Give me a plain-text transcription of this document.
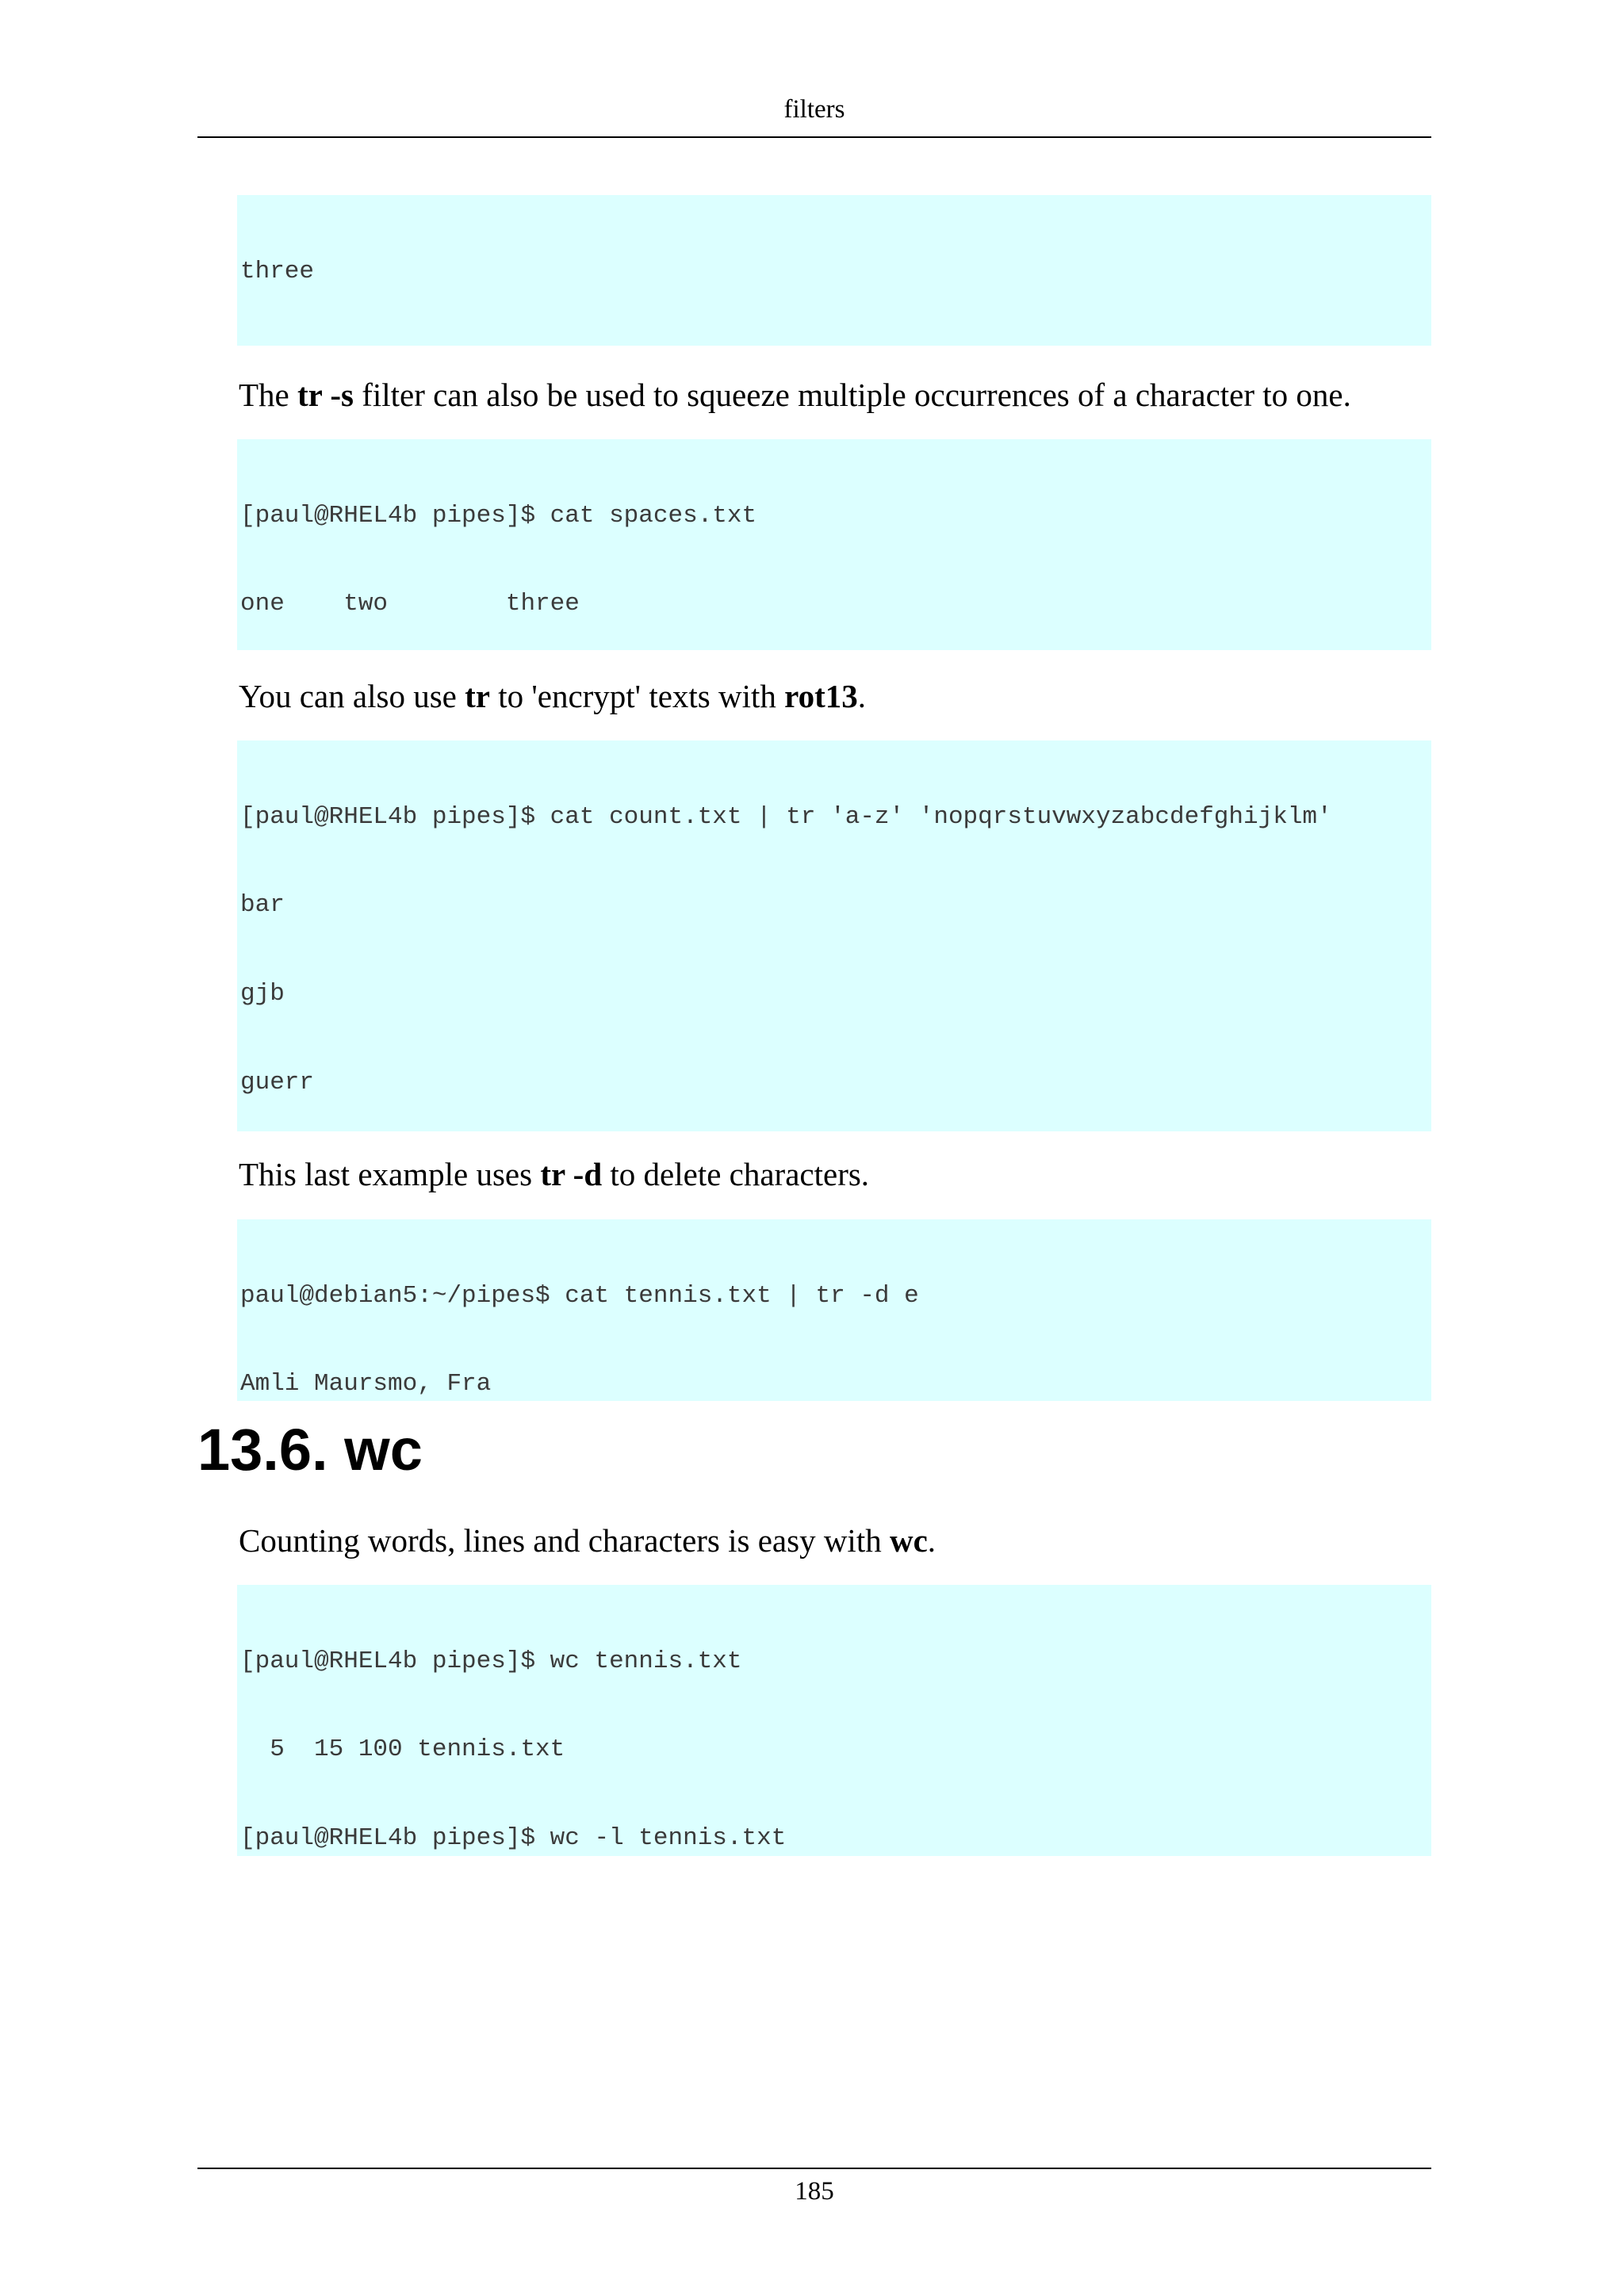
filters

three

The tr -s filter can also be used to squeeze multiple occurrences of a character to one.

[paul@RHEL4b pipes]$ cat spaces.txt

one    two        three

You can also use tr to 'encrypt' texts with rot13.

[paul@RHEL4b pipes]$ cat count.txt | tr 'a-z' 'nopqrstuvwxyzabcdefghijklm'

bar

gjb

guerr

This last example uses tr -d to delete characters.

paul@debian5:~/pipes$ cat tennis.txt | tr -d e

Amli Maursmo, Fra

13.6. wc
Counting words, lines and characters is easy with wc.

[paul@RHEL4b pipes]$ wc tennis.txt

5  15 100 tennis.txt

[paul@RHEL4b pipes]$ wc -l tennis.txt

185
